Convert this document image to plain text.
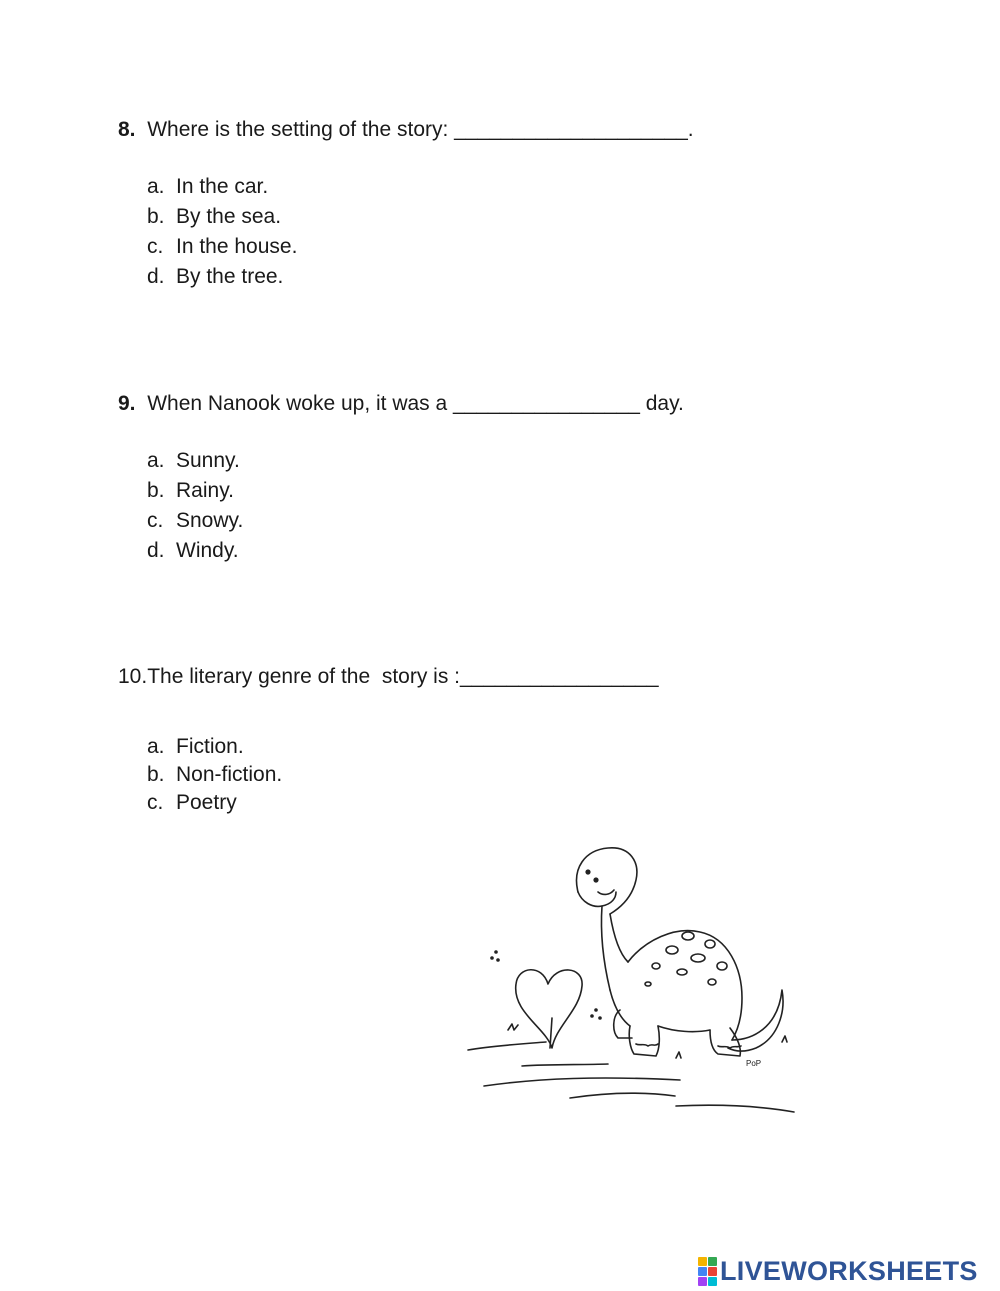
8. Where is the setting of the story: ____________________.
a. In the car.
b. By the sea.
c. In the house.
d. By the tree.
9. When Nanook woke up, it was a ________________ day.
a. Sunny.
b. Rainy.
c. Snowy.
d. Windy.
10.The literary genre of the  story is :_________________
a. Fiction.
b. Non-fiction.
c. Poetry
PoP
LIVEWORKSHEETS
